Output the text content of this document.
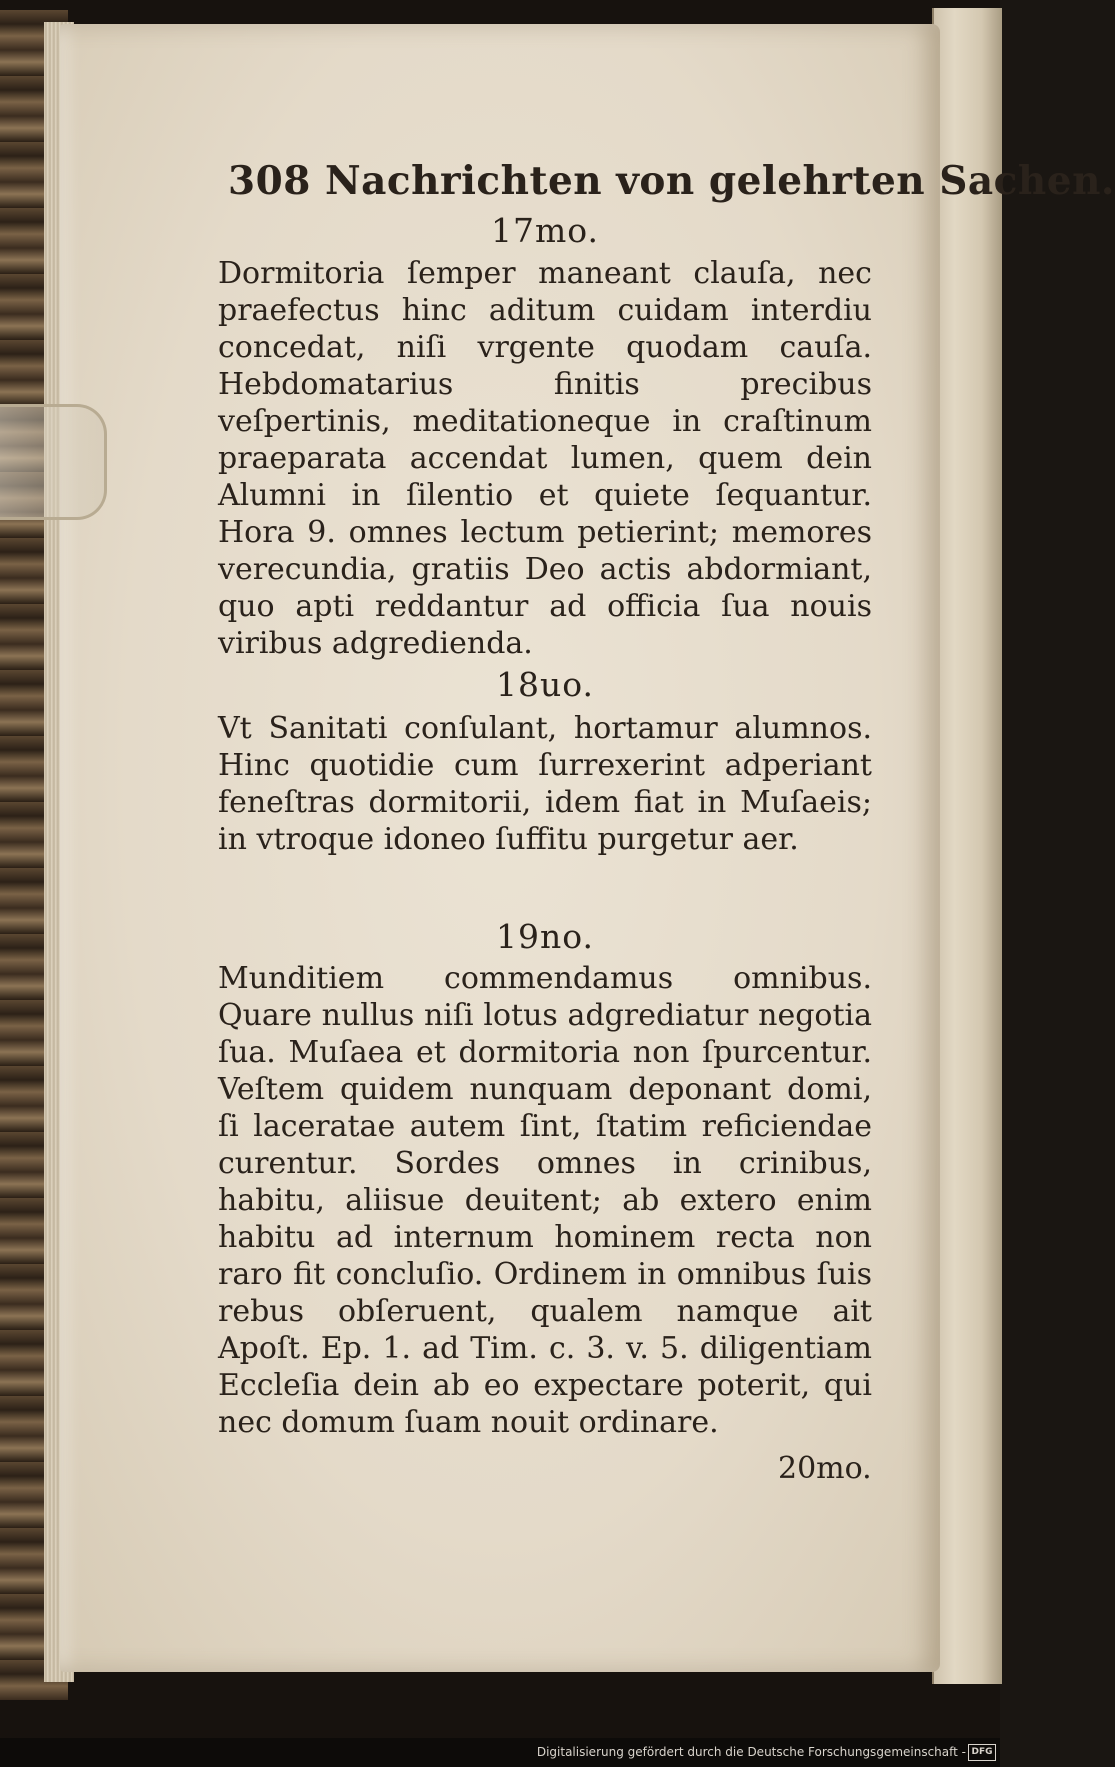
308 Nachrichten von gelehrten Sachen.
17mo.
Dormitoria ſemper maneant clauſa, nec praefectus hinc aditum cuidam interdiu concedat, niſi vrgente quodam cauſa. Hebdomatarius finitis precibus veſpertinis, meditationeque in craſtinum praeparata accendat lumen, quem dein Alumni in ſilentio et quiete ſequantur. Hora 9. omnes lectum petierint; memores verecundia, gratiis Deo actis abdormiant, quo apti reddantur ad officia ſua nouis viribus adgredienda.
18uo.
Vt Sanitati conſulant, hortamur alumnos. Hinc quotidie cum ſurrexerint adperiant feneſtras dormitorii, idem fiat in Muſaeis; in vtroque idoneo ſuffitu purgetur aer.
19no.
Munditiem commendamus omnibus. Quare nullus niſi lotus adgrediatur negotia ſua. Muſaea et dormitoria non ſpurcentur. Veſtem quidem nunquam deponant domi, ſi laceratae autem ſint, ſtatim reficiendae curentur. Sordes omnes in crinibus, habitu, aliisue deuitent; ab extero enim habitu ad internum hominem recta non raro fit concluſio. Ordinem in omnibus ſuis rebus obſeruent, qualem namque ait Apoſt. Ep. 1. ad Tim. c. 3. v. 5. diligentiam Eccleſia dein ab eo expectare poterit, qui nec domum ſuam nouit ordinare.
20mo.
Digitalisierung gefördert durch die Deutsche Forschungsgemeinschaft - DFG
